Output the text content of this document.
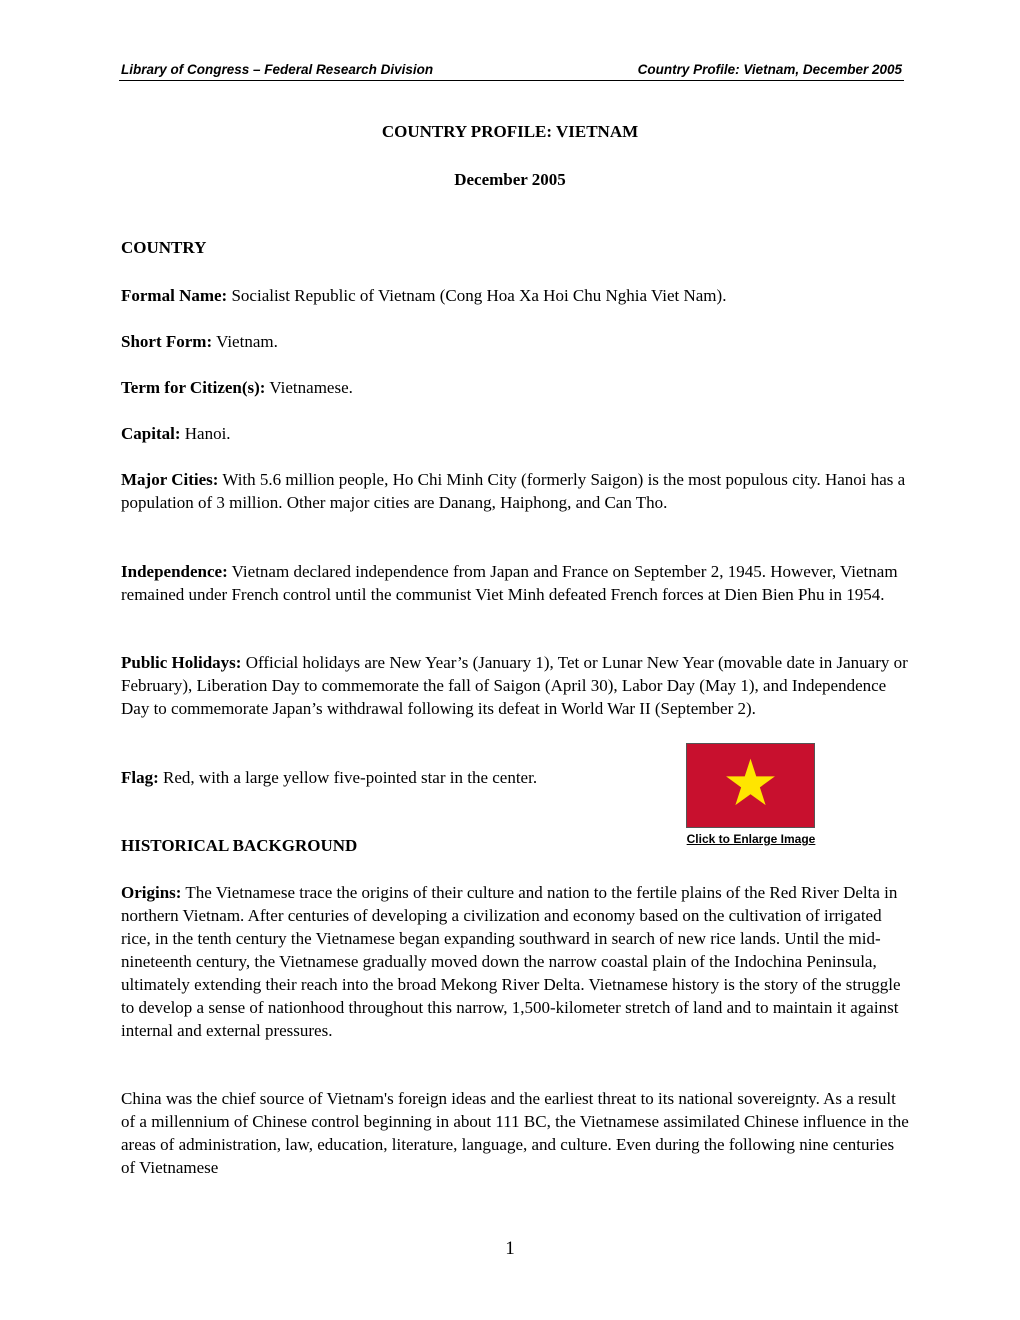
Library of Congress – Federal Research Division	Country Profile: Vietnam, December 2005
COUNTRY PROFILE: VIETNAM
December 2005
COUNTRY
Formal Name: Socialist Republic of Vietnam (Cong Hoa Xa Hoi Chu Nghia Viet Nam).
Short Form: Vietnam.
Term for Citizen(s): Vietnamese.
Capital: Hanoi.
Major Cities: With 5.6 million people, Ho Chi Minh City (formerly Saigon) is the most populous city. Hanoi has a population of 3 million. Other major cities are Danang, Haiphong, and Can Tho.
Independence: Vietnam declared independence from Japan and France on September 2, 1945. However, Vietnam remained under French control until the communist Viet Minh defeated French forces at Dien Bien Phu in 1954.
Public Holidays: Official holidays are New Year’s (January 1), Tet or Lunar New Year (movable date in January or February), Liberation Day to commemorate the fall of Saigon (April 30), Labor Day (May 1), and Independence Day to commemorate Japan’s withdrawal following its defeat in World War II (September 2).
Flag: Red, with a large yellow five-pointed star in the center.
Click to Enlarge Image
HISTORICAL BACKGROUND
Origins: The Vietnamese trace the origins of their culture and nation to the fertile plains of the Red River Delta in northern Vietnam. After centuries of developing a civilization and economy based on the cultivation of irrigated rice, in the tenth century the Vietnamese began expanding southward in search of new rice lands. Until the mid-nineteenth century, the Vietnamese gradually moved down the narrow coastal plain of the Indochina Peninsula, ultimately extending their reach into the broad Mekong River Delta. Vietnamese history is the story of the struggle to develop a sense of nationhood throughout this narrow, 1,500-kilometer stretch of land and to maintain it against internal and external pressures.
China was the chief source of Vietnam's foreign ideas and the earliest threat to its national sovereignty. As a result of a millennium of Chinese control beginning in about 111 BC, the Vietnamese assimilated Chinese influence in the areas of administration, law, education, literature, language, and culture. Even during the following nine centuries of Vietnamese
1
